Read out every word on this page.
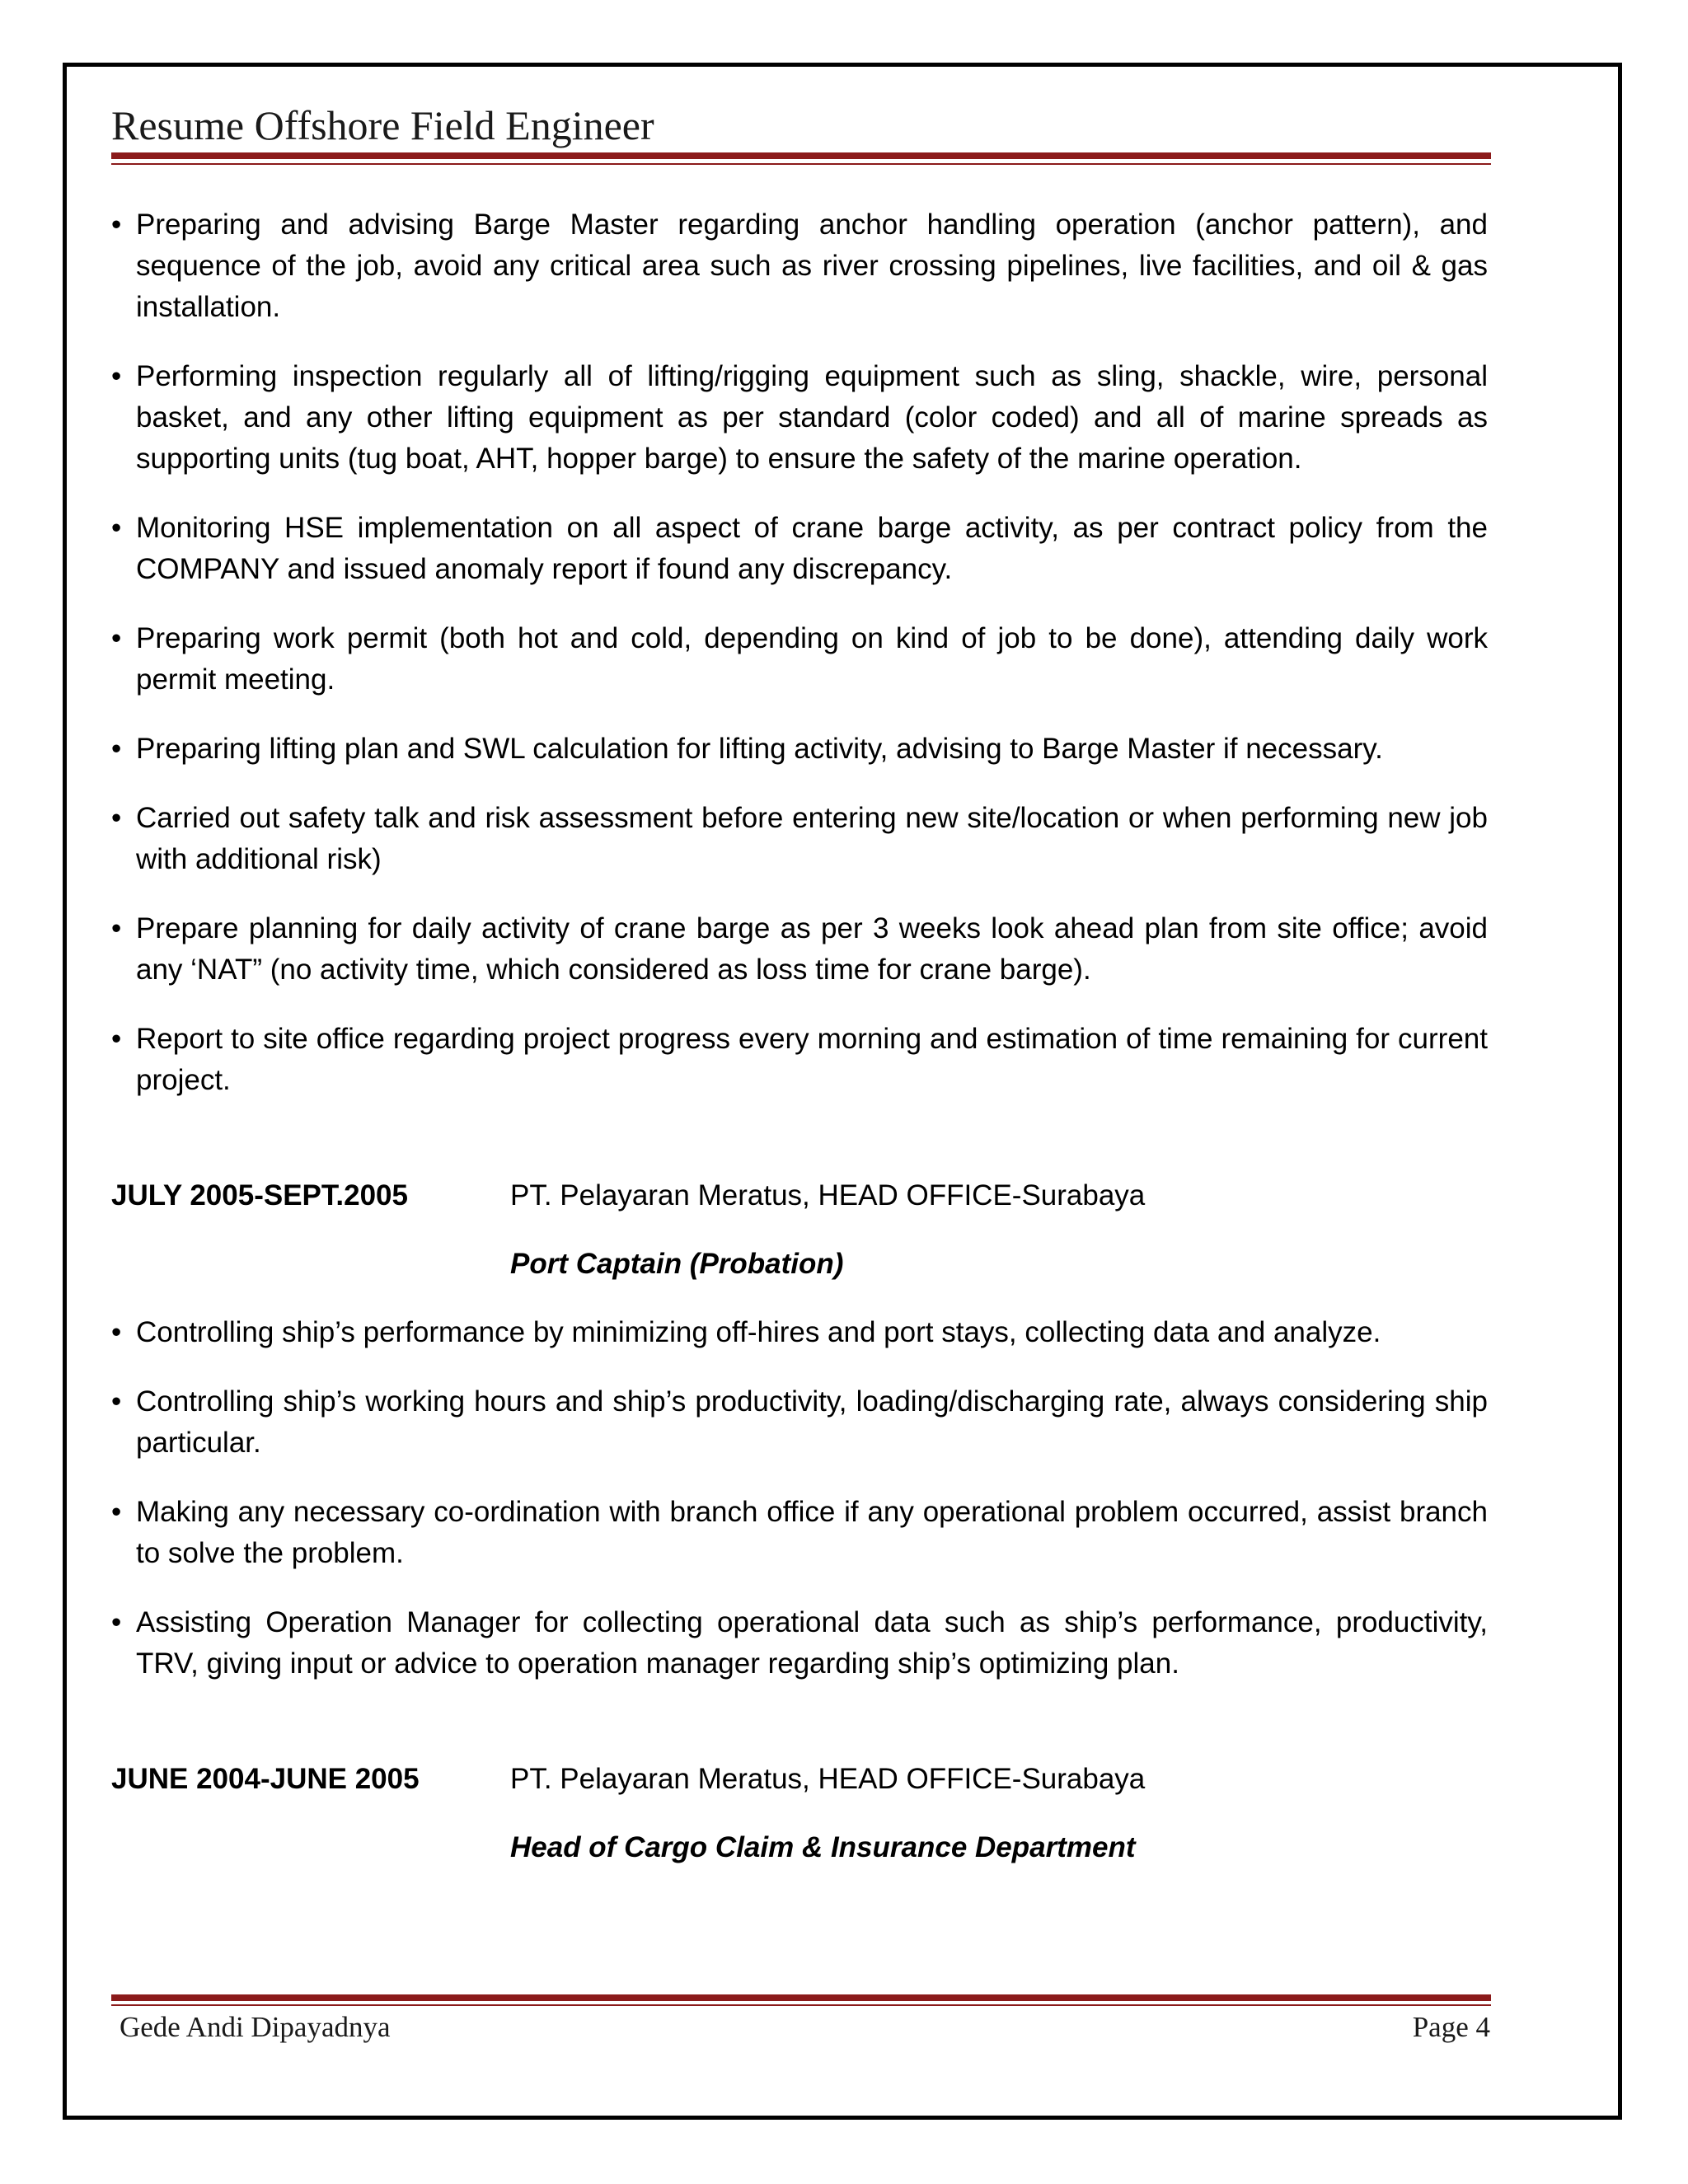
Resume Offshore Field Engineer
• Preparing and advising Barge Master regarding anchor handling operation (anchor pattern), and sequence of the job, avoid any critical area such as river crossing pipelines, live facilities, and oil & gas installation.
• Performing inspection regularly all of lifting/rigging equipment such as sling, shackle, wire, personal basket, and any other lifting equipment as per standard (color coded) and all of marine spreads as supporting units (tug boat, AHT, hopper barge) to ensure the safety of the marine operation.
• Monitoring HSE implementation on all aspect of crane barge activity, as per contract policy from the COMPANY and issued anomaly report if found any discrepancy.
• Preparing work permit (both hot and cold, depending on kind of job to be done), attending daily work permit meeting.
• Preparing lifting plan and SWL calculation for lifting activity, advising to Barge Master if necessary.
• Carried out safety talk and risk assessment before entering new site/location or when performing new job with additional risk)
• Prepare planning for daily activity of crane barge as per 3 weeks look ahead plan from site office; avoid any ‘NAT” (no activity time, which considered as loss time for crane barge).
• Report to site office regarding project progress every morning and estimation of time remaining for current project.
JULY 2005-SEPT.2005	PT. Pelayaran Meratus, HEAD OFFICE-Surabaya
Port Captain (Probation)
• Controlling ship’s performance by minimizing off-hires and port stays, collecting data and analyze.
• Controlling ship’s working hours and ship’s productivity, loading/discharging rate, always considering ship particular.
• Making any necessary co-ordination with branch office if any operational problem occurred, assist branch to solve the problem.
• Assisting Operation Manager for collecting operational data such as ship’s performance, productivity, TRV, giving input or advice to operation manager regarding ship’s optimizing plan.
JUNE 2004-JUNE 2005	PT. Pelayaran Meratus, HEAD OFFICE-Surabaya
Head of Cargo Claim & Insurance Department
Gede Andi Dipayadnya	Page 4
